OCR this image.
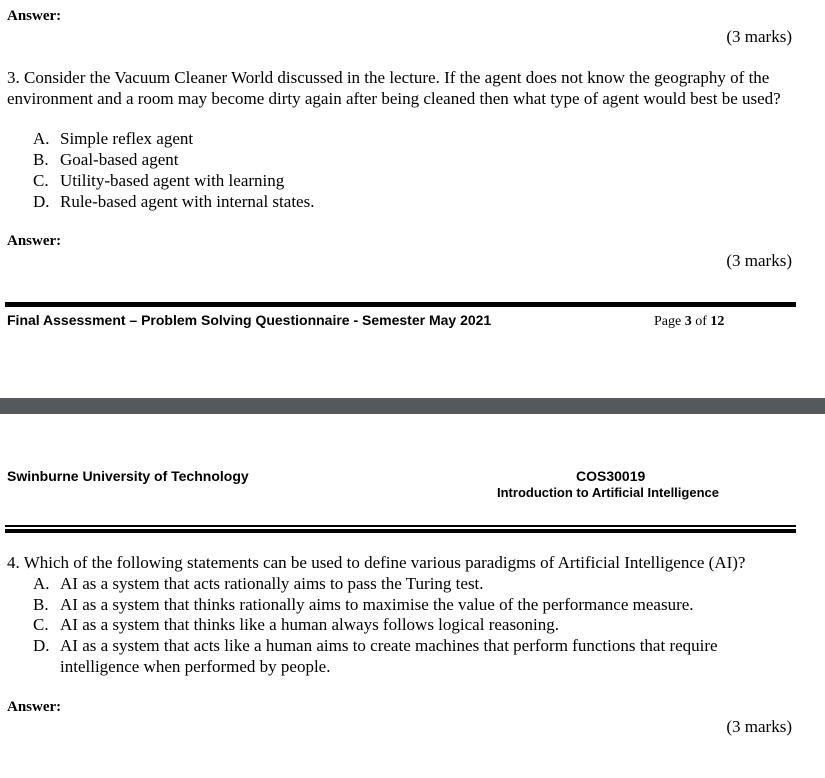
Answer:
(3 marks)
3. Consider the Vacuum Cleaner World discussed in the lecture. If the agent does not know the geography of the environment and a room may become dirty again after being cleaned then what type of agent would best be used?
A. Simple reflex agent
B. Goal-based agent
C. Utility-based agent with learning
D. Rule-based agent with internal states.
Answer:
(3 marks)
Final Assessment – Problem Solving Questionnaire - Semester May 2021	Page 3 of 12
Swinburne University of Technology	COS30019
Introduction to Artificial Intelligence
4. Which of the following statements can be used to define various paradigms of Artificial Intelligence (AI)?
A. AI as a system that acts rationally aims to pass the Turing test.
B. AI as a system that thinks rationally aims to maximise the value of the performance measure.
C. AI as a system that thinks like a human always follows logical reasoning.
D. AI as a system that acts like a human aims to create machines that perform functions that require
intelligence when performed by people.
Answer:
(3 marks)
